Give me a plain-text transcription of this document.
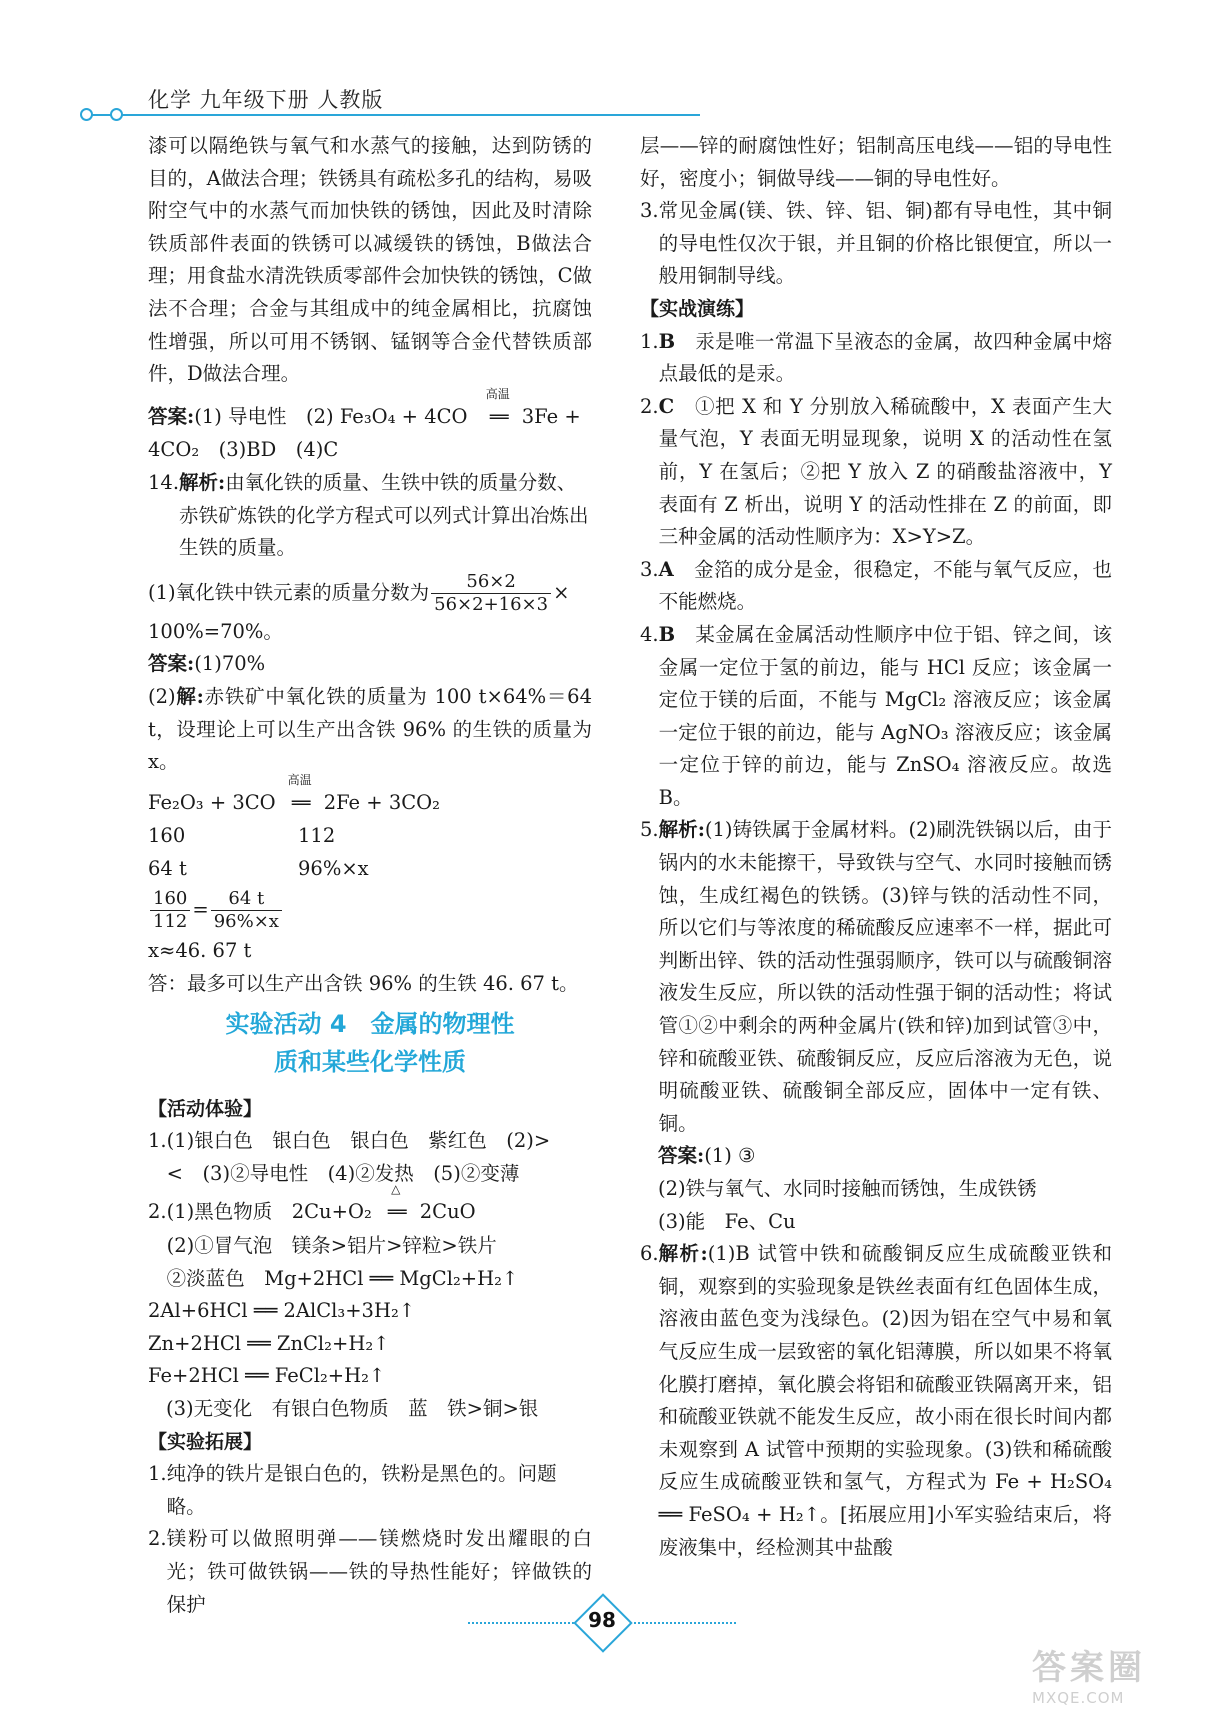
化学 九年级下册 人教版

漆可以隔绝铁与氧气和水蒸气的接触，达到防锈的目的，A做法合理；铁锈具有疏松多孔的结构，易吸附空气中的水蒸气而加快铁的锈蚀，因此及时清除铁质部件表面的铁锈可以减缓铁的锈蚀，B做法合理；用食盐水清洗铁质零部件会加快铁的锈蚀，C做法不合理；合金与其组成中的纯金属相比，抗腐蚀性增强，所以可用不锈钢、锰钢等合金代替铁质部件，D做法合理。

答案:(1) 导电性　(2) Fe₃O₄ + 4CO
高温
══ 3Fe +
4CO₂　(3)BD　(4)C
14. 解析:由氧化铁的质量、生铁中铁的质量分数、赤铁矿炼铁的化学方程式可以列式计算出冶炼出生铁的质量。
(1)氧化铁中铁元素的质量分数为 $\frac{56\times 2}{56\times 2+16\times 3}$ ×
100%=70%。
答案:(1)70%

(2)解:赤铁矿中氧化铁的质量为 100 t×64%＝64 t，设理论上可以生产出含铁 96% 的生铁的质量为 x。

Fe₂O₃ + 3CO
高温
══ 2Fe + 3CO₂
160	112
64 t	96%×x
$\frac{160}{112} = \frac{64 t}{96\%\times x}$
x≈46. 67 t
答：最多可以生产出含铁 96% 的生铁 46. 67 t。
实验活动 4　金属的物理性
质和某些化学性质
【活动体验】
1. (1)银白色　银白色　银白色　紫红色　(2)>
<　(3)②导电性　(4)②发热　(5)②变薄
2. (1)黑色物质　2Cu+O₂
△
══ 2CuO
(2)①冒气泡　镁条>铝片>锌粒>铁片
②淡蓝色　Mg+2HCl ══ MgCl₂+H₂↑
2Al+6HCl ══ 2AlCl₃+3H₂↑
Zn+2HCl ══ ZnCl₂+H₂↑
Fe+2HCl ══ FeCl₂+H₂↑
(3)无变化　有银白色物质　蓝　铁>铜>银
【实验拓展】
1. 纯净的铁片是银白色的，铁粉是黑色的。问题略。
2. 镁粉可以做照明弹——镁燃烧时发出耀眼的白光；铁可做铁锅——铁的导热性能好；锌做铁的保护

层——锌的耐腐蚀性好；铝制高压电线——铝的导电性好，密度小；铜做导线——铜的导电性好。

3. 常见金属(镁、铁、锌、铝、铜)都有导电性，其中铜的导电性仅次于银，并且铜的价格比银便宜，所以一般用铜制导线。
【实战演练】
1. B　 汞是唯一常温下呈液态的金属，故四种金属中熔点最低的是汞。
2. C　 ①把 X 和 Y 分别放入稀硫酸中，X 表面产生大量气泡，Y 表面无明显现象，说明 X 的活动性在氢前，Y 在氢后；②把 Y 放入 Z 的硝酸盐溶液中，Y 表面有 Z 析出，说明 Y 的活动性排在 Z 的前面，即三种金属的活动性顺序为：X>Y>Z。
3. A　 金箔的成分是金，很稳定，不能与氧气反应，也不能燃烧。
4. B　 某金属在金属活动性顺序中位于铝、锌之间，该金属一定位于氢的前边，能与 HCl 反应；该金属一定位于镁的后面，不能与 MgCl₂ 溶液反应；该金属一定位于银的前边，能与 AgNO₃ 溶液反应；该金属一定位于锌的前边，能与 ZnSO₄ 溶液反应。故选 B。
5. 解析:(1)铸铁属于金属材料。(2)刷洗铁锅以后，由于锅内的水未能擦干，导致铁与空气、水同时接触而锈蚀，生成红褐色的铁锈。(3)锌与铁的活动性不同，所以它们与等浓度的稀硫酸反应速率不一样，据此可判断出锌、铁的活动性强弱顺序，铁可以与硫酸铜溶液发生反应，所以铁的活动性强于铜的活动性；将试管①②中剩余的两种金属片(铁和锌)加到试管③中，锌和硫酸亚铁、硫酸铜反应，反应后溶液为无色，说明硫酸亚铁、硫酸铜全部反应，固体中一定有铁、铜。
答案:(1) ③
(2)铁与氧气、水同时接触而锈蚀，生成铁锈
(3)能　Fe、Cu
6. 解析:(1)B 试管中铁和硫酸铜反应生成硫酸亚铁和铜，观察到的实验现象是铁丝表面有红色固体生成，溶液由蓝色变为浅绿色。(2)因为铝在空气中易和氧气反应生成一层致密的氧化铝薄膜，所以如果不将氧化膜打磨掉，氧化膜会将铝和硫酸亚铁隔离开来，铝和硫酸亚铁就不能发生反应，故小雨在很长时间内都未观察到 A 试管中预期的实验现象。(3)铁和稀硫酸反应生成硫酸亚铁和氢气，方程式为 Fe + H₂SO₄ ══ FeSO₄ + H₂↑。[拓展应用]小军实验结束后，将废液集中，经检测其中盐酸
98
答案圈
MXQE.COM
